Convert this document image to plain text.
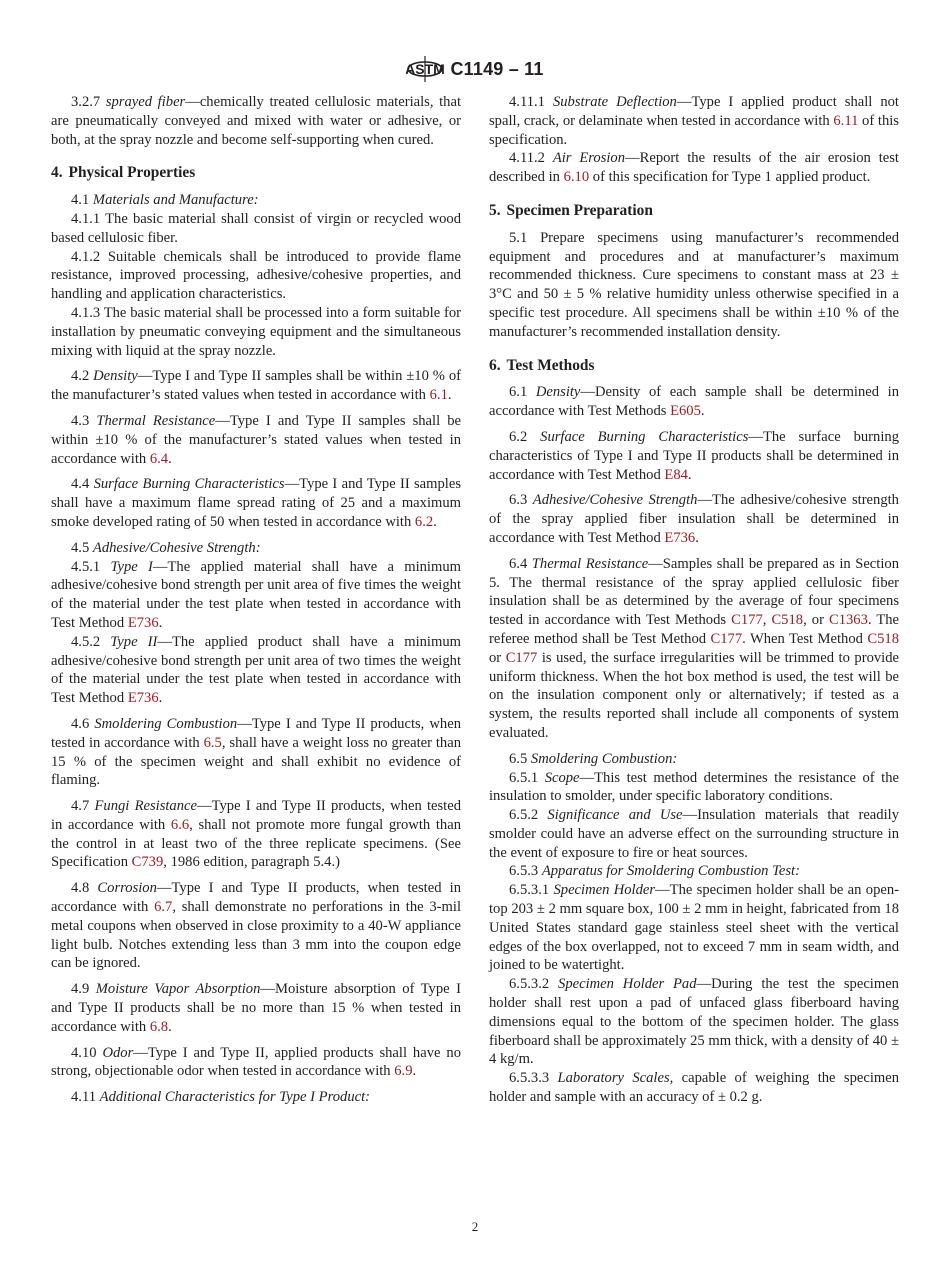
ASTM C1149 – 11

3.2.7 sprayed fiber—chemically treated cellulosic materials, that are pneumatically conveyed and mixed with water or adhesive, or both, at the spray nozzle and become self-supporting when cured.

4. Physical Properties

4.1 Materials and Manufacture:

4.1.1 The basic material shall consist of virgin or recycled wood based cellulosic fiber.

4.1.2 Suitable chemicals shall be introduced to provide flame resistance, improved processing, adhesive/cohesive properties, and handling and application characteristics.

4.1.3 The basic material shall be processed into a form suitable for installation by pneumatic conveying equipment and the simultaneous mixing with liquid at the spray nozzle.

4.2 Density—Type I and Type II samples shall be within ±10 % of the manufacturer’s stated values when tested in accordance with 6.1.

4.3 Thermal Resistance—Type I and Type II samples shall be within ±10 % of the manufacturer’s stated values when tested in accordance with 6.4.

4.4 Surface Burning Characteristics—Type I and Type II samples shall have a maximum flame spread rating of 25 and a maximum smoke developed rating of 50 when tested in accordance with 6.2.

4.5 Adhesive/Cohesive Strength:

4.5.1 Type I—The applied material shall have a minimum adhesive/cohesive bond strength per unit area of five times the weight of the material under the test plate when tested in accordance with Test Method E736.

4.5.2 Type II—The applied product shall have a minimum adhesive/cohesive bond strength per unit area of two times the weight of the material under the test plate when tested in accordance with Test Method E736.

4.6 Smoldering Combustion—Type I and Type II products, when tested in accordance with 6.5, shall have a weight loss no greater than 15 % of the specimen weight and shall exhibit no evidence of flaming.

4.7 Fungi Resistance—Type I and Type II products, when tested in accordance with 6.6, shall not promote more fungal growth than the control in at least two of the three replicate specimens. (See Specification C739, 1986 edition, paragraph 5.4.)

4.8 Corrosion—Type I and Type II products, when tested in accordance with 6.7, shall demonstrate no perforations in the 3-mil metal coupons when observed in close proximity to a 40-W appliance light bulb. Notches extending less than 3 mm into the coupon edge can be ignored.

4.9 Moisture Vapor Absorption—Moisture absorption of Type I and Type II products shall be no more than 15 % when tested in accordance with 6.8.

4.10 Odor—Type I and Type II, applied products shall have no strong, objectionable odor when tested in accordance with 6.9.

4.11 Additional Characteristics for Type I Product:

4.11.1 Substrate Deflection—Type I applied product shall not spall, crack, or delaminate when tested in accordance with 6.11 of this specification.

4.11.2 Air Erosion—Report the results of the air erosion test described in 6.10 of this specification for Type 1 applied product.

5. Specimen Preparation

5.1 Prepare specimens using manufacturer’s recommended equipment and procedures and at manufacturer’s maximum recommended thickness. Cure specimens to constant mass at 23 ± 3°C and 50 ± 5 % relative humidity unless otherwise specified in a specific test procedure. All specimens shall be within ±10 % of the manufacturer’s recommended installation density.

6. Test Methods

6.1 Density—Density of each sample shall be determined in accordance with Test Methods E605.

6.2 Surface Burning Characteristics—The surface burning characteristics of Type I and Type II products shall be determined in accordance with Test Method E84.

6.3 Adhesive/Cohesive Strength—The adhesive/cohesive strength of the spray applied fiber insulation shall be determined in accordance with Test Method E736.

6.4 Thermal Resistance—Samples shall be prepared as in Section 5. The thermal resistance of the spray applied cellulosic fiber insulation shall be as determined by the average of four specimens tested in accordance with Test Methods C177, C518, or C1363. The referee method shall be Test Method C177. When Test Method C518 or C177 is used, the surface irregularities will be trimmed to provide uniform thickness. When the hot box method is used, the test will be on the insulation component only or alternatively; if tested as a system, the results reported shall include all components of system evaluated.

6.5 Smoldering Combustion:

6.5.1 Scope—This test method determines the resistance of the insulation to smolder, under specific laboratory conditions.

6.5.2 Significance and Use—Insulation materials that readily smolder could have an adverse effect on the surrounding structure in the event of exposure to fire or heat sources.

6.5.3 Apparatus for Smoldering Combustion Test:

6.5.3.1 Specimen Holder—The specimen holder shall be an open-top 203 ± 2 mm square box, 100 ± 2 mm in height, fabricated from 18 United States standard gage stainless steel sheet with the vertical edges of the box overlapped, not to exceed 7 mm in seam width, and joined to be watertight.

6.5.3.2 Specimen Holder Pad—During the test the specimen holder shall rest upon a pad of unfaced glass fiberboard having dimensions equal to the bottom of the specimen holder. The glass fiberboard shall be approximately 25 mm thick, with a density of 40 ± 4 kg/m.

6.5.3.3 Laboratory Scales, capable of weighing the specimen holder and sample with an accuracy of ± 0.2 g.

2
